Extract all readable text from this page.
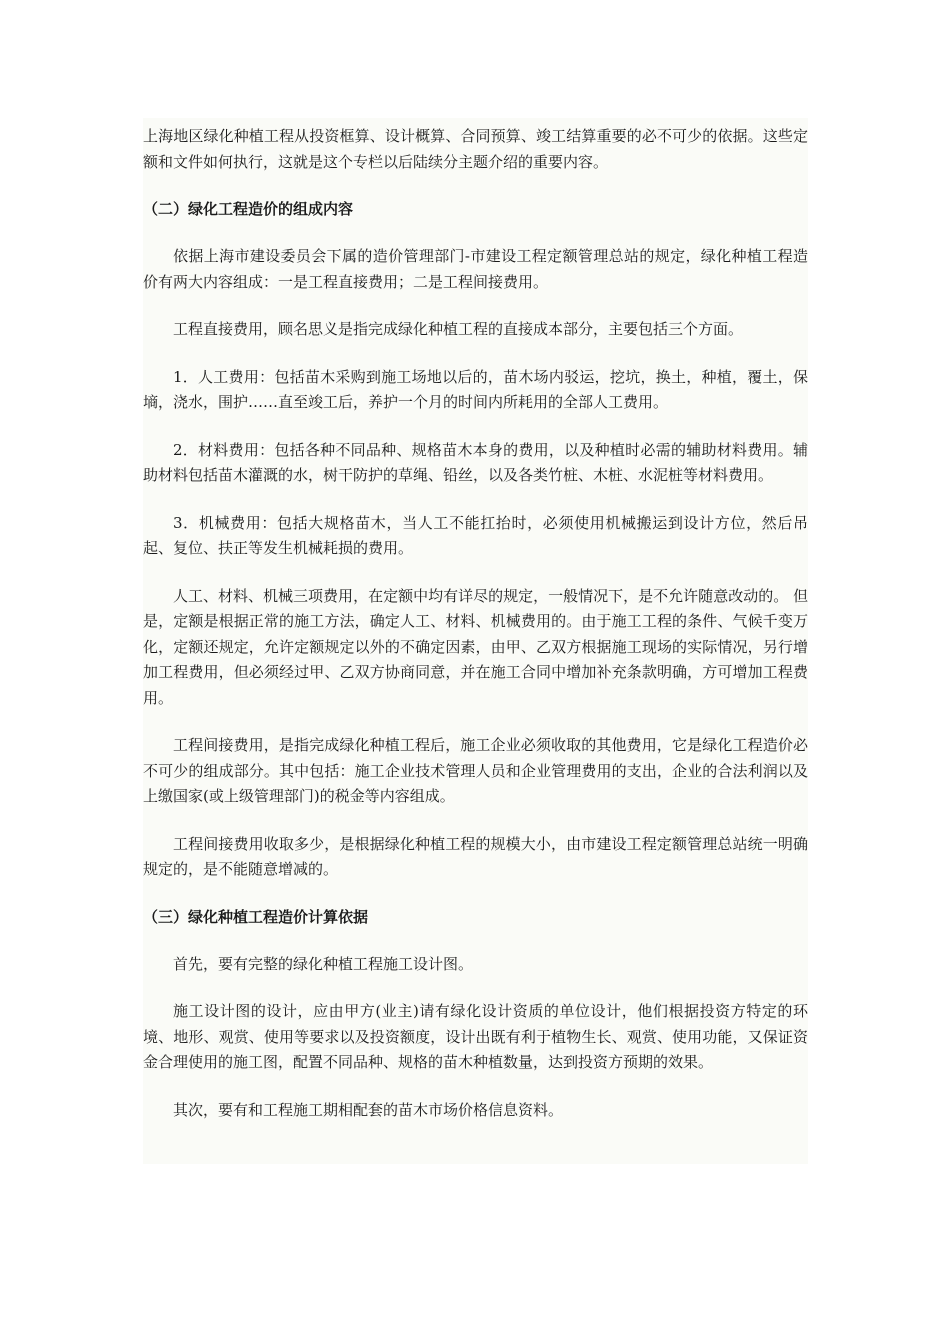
上海地区绿化种植工程从投资框算、设计概算、合同预算、竣工结算重要的必不可少的依据。这些定额和文件如何执行，这就是这个专栏以后陆续分主题介绍的重要内容。

（二）绿化工程造价的组成内容

依据上海市建设委员会下属的造价管理部门-市建设工程定额管理总站的规定，绿化种植工程造价有两大内容组成：一是工程直接费用；二是工程间接费用。

工程直接费用，顾名思义是指完成绿化种植工程的直接成本部分，主要包括三个方面。

1．人工费用：包括苗木采购到施工场地以后的，苗木场内驳运，挖坑，换土，种植，覆土，保墒，浇水，围护……直至竣工后，养护一个月的时间内所耗用的全部人工费用。

2．材料费用：包括各种不同品种、规格苗木本身的费用，以及种植时必需的辅助材料费用。辅助材料包括苗木灌溉的水，树干防护的草绳、铅丝，以及各类竹桩、木桩、水泥桩等材料费用。

3．机械费用：包括大规格苗木，当人工不能扛抬时，必须使用机械搬运到设计方位，然后吊起、复位、扶正等发生机械耗损的费用。

人工、材料、机械三项费用，在定额中均有详尽的规定，一般情况下，是不允许随意改动的。 但是，定额是根据正常的施工方法，确定人工、材料、机械费用的。由于施工工程的条件、气候千变万化，定额还规定，允许定额规定以外的不确定因素，由甲、乙双方根据施工现场的实际情况，另行增加工程费用，但必须经过甲、乙双方协商同意，并在施工合同中增加补充条款明确，方可增加工程费用。

工程间接费用，是指完成绿化种植工程后，施工企业必须收取的其他费用，它是绿化工程造价必不可少的组成部分。其中包括：施工企业技术管理人员和企业管理费用的支出，企业的合法利润以及上缴国家(或上级管理部门)的税金等内容组成。

工程间接费用收取多少，是根据绿化种植工程的规模大小，由市建设工程定额管理总站统一明确规定的，是不能随意增减的。

（三）绿化种植工程造价计算依据

首先，要有完整的绿化种植工程施工设计图。

施工设计图的设计，应由甲方(业主)请有绿化设计资质的单位设计，他们根据投资方特定的环境、地形、观赏、使用等要求以及投资额度，设计出既有利于植物生长、观赏、使用功能，又保证资金合理使用的施工图，配置不同品种、规格的苗木种植数量，达到投资方预期的效果。

其次，要有和工程施工期相配套的苗木市场价格信息资料。
